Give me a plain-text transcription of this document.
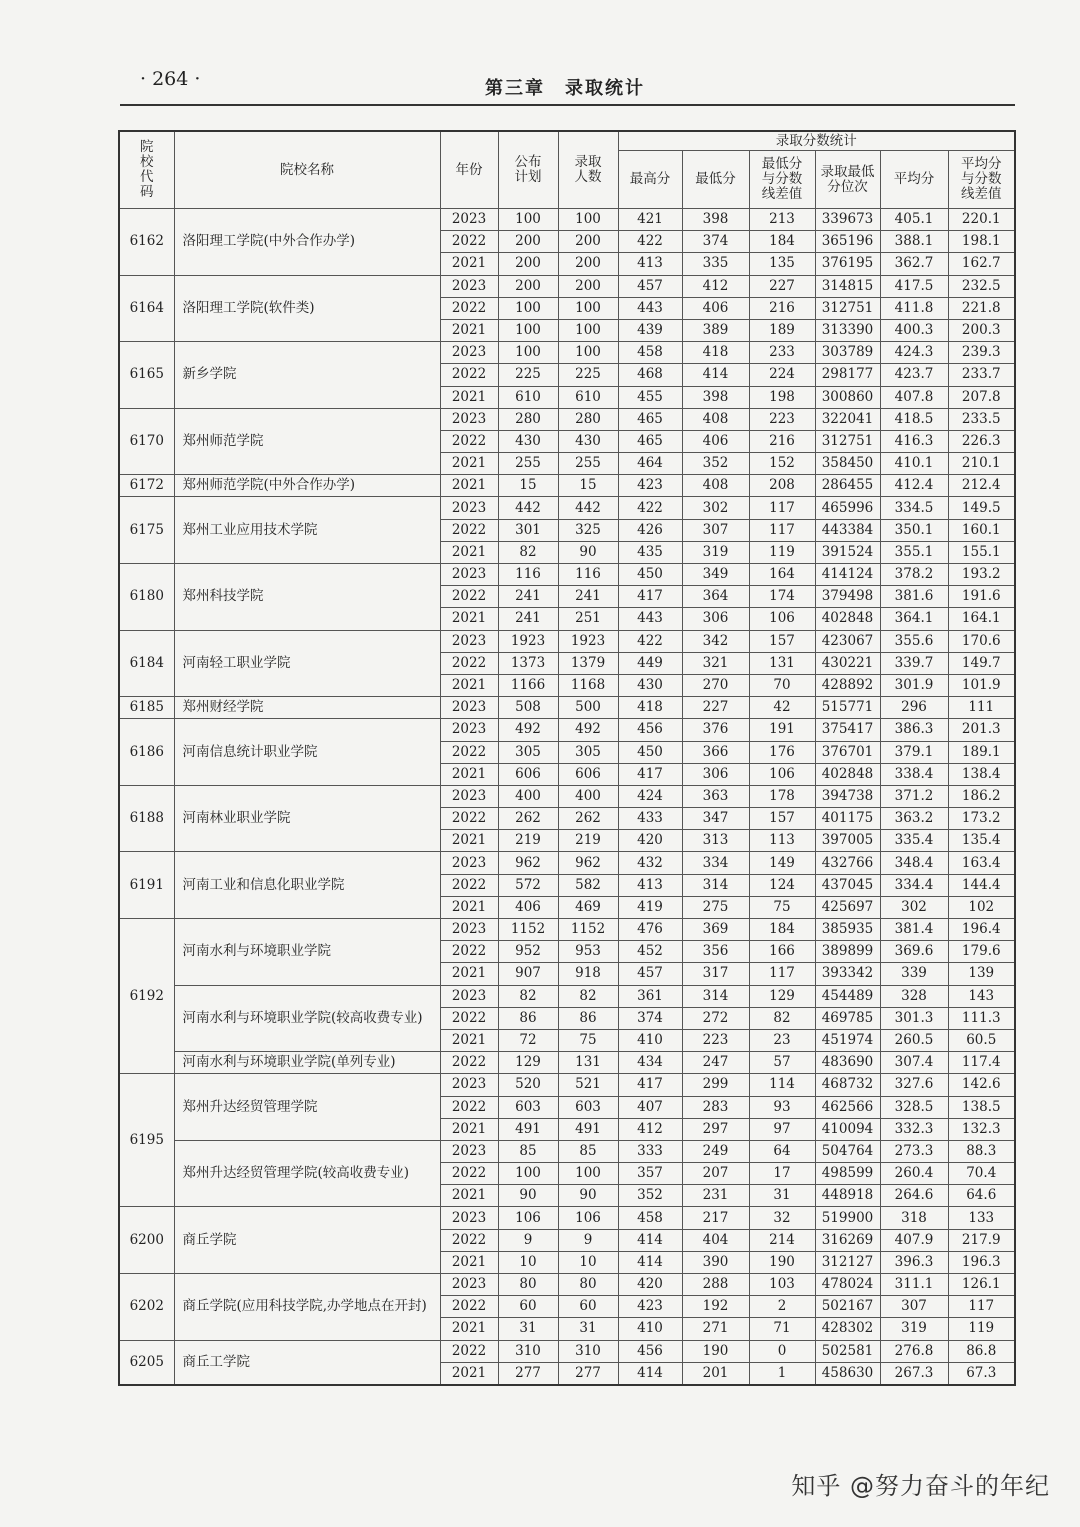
· 264 ·	第三章　录取统计
院校代码	院校名称	年份	公布计划	录取人数	录取分数统计					
					最高分	最低分	最低分与分数线差值	录取最低分位次	平均分	平均分与分数线差值
6162	洛阳理工学院(中外合作办学)	2023	100	100	421	398	213	339673	405.1	220.1
		2022	200	200	422	374	184	365196	388.1	198.1
		2021	200	200	413	335	135	376195	362.7	162.7
6164	洛阳理工学院(软件类)	2023	200	200	457	412	227	314815	417.5	232.5
		2022	100	100	443	406	216	312751	411.8	221.8
		2021	100	100	439	389	189	313390	400.3	200.3
6165	新乡学院	2023	100	100	458	418	233	303789	424.3	239.3
		2022	225	225	468	414	224	298177	423.7	233.7
		2021	610	610	455	398	198	300860	407.8	207.8
6170	郑州师范学院	2023	280	280	465	408	223	322041	418.5	233.5
		2022	430	430	465	406	216	312751	416.3	226.3
		2021	255	255	464	352	152	358450	410.1	210.1
6172	郑州师范学院(中外合作办学)	2021	15	15	423	408	208	286455	412.4	212.4
6175	郑州工业应用技术学院	2023	442	442	422	302	117	465996	334.5	149.5
		2022	301	325	426	307	117	443384	350.1	160.1
		2021	82	90	435	319	119	391524	355.1	155.1
6180	郑州科技学院	2023	116	116	450	349	164	414124	378.2	193.2
		2022	241	241	417	364	174	379498	381.6	191.6
		2021	241	251	443	306	106	402848	364.1	164.1
6184	河南轻工职业学院	2023	1923	1923	422	342	157	423067	355.6	170.6
		2022	1373	1379	449	321	131	430221	339.7	149.7
		2021	1166	1168	430	270	70	428892	301.9	101.9
6185	郑州财经学院	2023	508	500	418	227	42	515771	296	111
6186	河南信息统计职业学院	2023	492	492	456	376	191	375417	386.3	201.3
		2022	305	305	450	366	176	376701	379.1	189.1
		2021	606	606	417	306	106	402848	338.4	138.4
6188	河南林业职业学院	2023	400	400	424	363	178	394738	371.2	186.2
		2022	262	262	433	347	157	401175	363.2	173.2
		2021	219	219	420	313	113	397005	335.4	135.4
6191	河南工业和信息化职业学院	2023	962	962	432	334	149	432766	348.4	163.4
		2022	572	582	413	314	124	437045	334.4	144.4
		2021	406	469	419	275	75	425697	302	102
6192	河南水利与环境职业学院	2023	1152	1152	476	369	184	385935	381.4	196.4
		2022	952	953	452	356	166	389899	369.6	179.6
		2021	907	918	457	317	117	393342	339	139
	河南水利与环境职业学院(较高收费专业)	2023	82	82	361	314	129	454489	328	143
		2022	86	86	374	272	82	469785	301.3	111.3
		2021	72	75	410	223	23	451974	260.5	60.5
	河南水利与环境职业学院(单列专业)	2022	129	131	434	247	57	483690	307.4	117.4
6195	郑州升达经贸管理学院	2023	520	521	417	299	114	468732	327.6	142.6
		2022	603	603	407	283	93	462566	328.5	138.5
		2021	491	491	412	297	97	410094	332.3	132.3
	郑州升达经贸管理学院(较高收费专业)	2023	85	85	333	249	64	504764	273.3	88.3
		2022	100	100	357	207	17	498599	260.4	70.4
		2021	90	90	352	231	31	448918	264.6	64.6
6200	商丘学院	2023	106	106	458	217	32	519900	318	133
		2022	9	9	414	404	214	316269	407.9	217.9
		2021	10	10	414	390	190	312127	396.3	196.3
6202	商丘学院(应用科技学院,办学地点在开封)	2023	80	80	420	288	103	478024	311.1	126.1
		2022	60	60	423	192	2	502167	307	117
		2021	31	31	410	271	71	428302	319	119
6205	商丘工学院	2022	310	310	456	190	0	502581	276.8	86.8
		2021	277	277	414	201	1	458630	267.3	67.3
知乎 @努力奋斗的年纪
